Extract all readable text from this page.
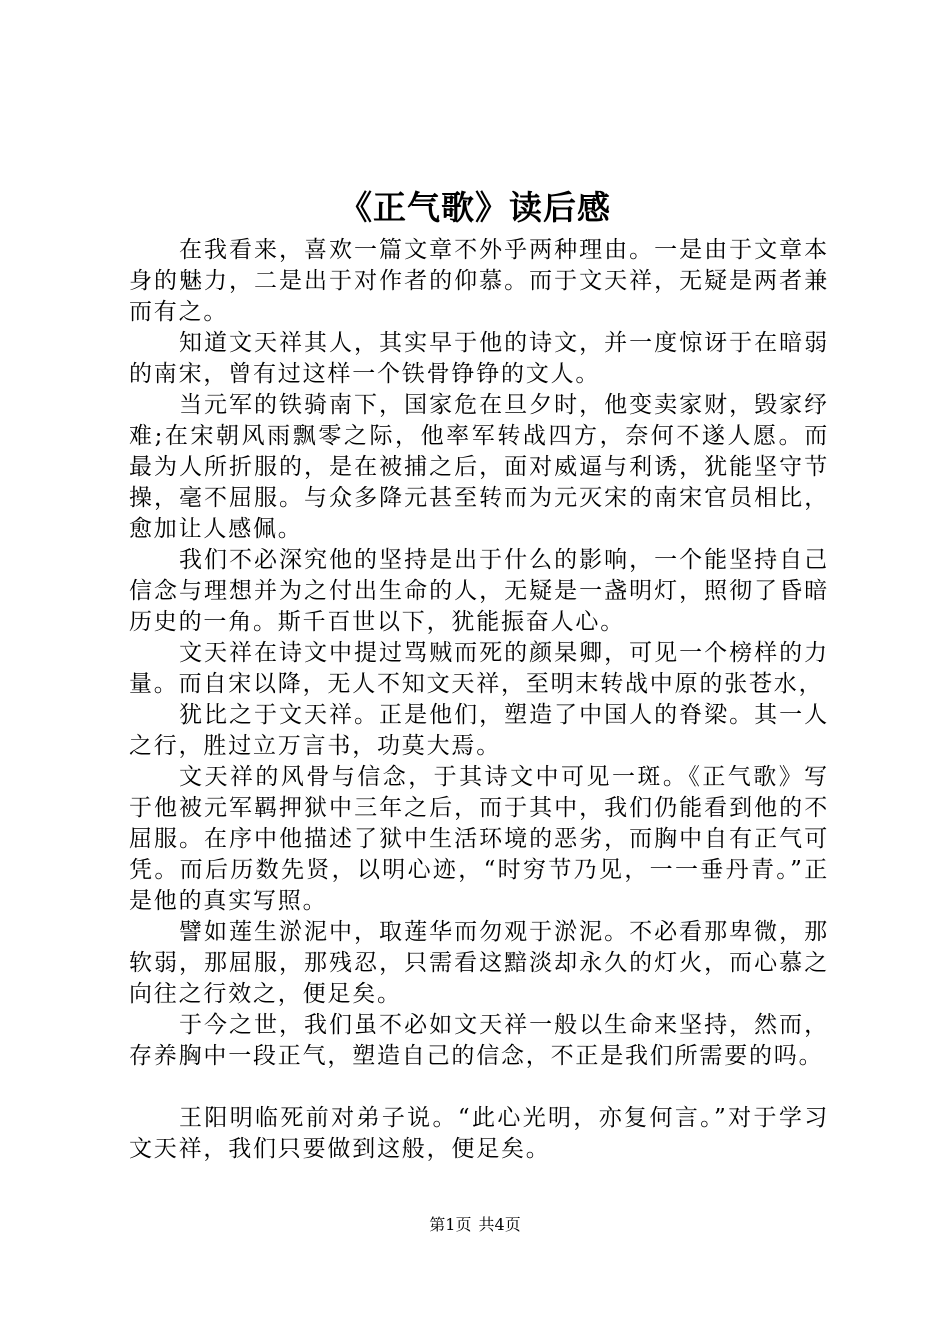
《正气歌》读后感

在我看来，喜欢一篇文章不外乎两种理由。一是由于文章本身的魅力，二是出于对作者的仰慕。而于文天祥，无疑是两者兼而有之。

知道文天祥其人，其实早于他的诗文，并一度惊讶于在暗弱的南宋，曾有过这样一个铁骨铮铮的文人。

当元军的铁骑南下，国家危在旦夕时，他变卖家财，毁家纾难;在宋朝风雨飘零之际，他率军转战四方，奈何不遂人愿。而最为人所折服的，是在被捕之后，面对威逼与利诱，犹能坚守节操，毫不屈服。与众多降元甚至转而为元灭宋的南宋官员相比，愈加让人感佩。

我们不必深究他的坚持是出于什么的影响，一个能坚持自己信念与理想并为之付出生命的人，无疑是一盏明灯，照彻了昏暗历史的一角。斯千百世以下，犹能振奋人心。

文天祥在诗文中提过骂贼而死的颜杲卿，可见一个榜样的力量。而自宋以降，无人不知文天祥，至明末转战中原的张苍水，

犹比之于文天祥。正是他们，塑造了中国人的脊梁。其一人之行，胜过立万言书，功莫大焉。

文天祥的风骨与信念，于其诗文中可见一斑。《正气歌》写于他被元军羁押狱中三年之后，而于其中，我们仍能看到他的不屈服。在序中他描述了狱中生活环境的恶劣，而胸中自有正气可凭。而后历数先贤，以明心迹，“时穷节乃见，一一垂丹青。”正是他的真实写照。

譬如莲生淤泥中，取莲华而勿观于淤泥。不必看那卑微，那软弱，那屈服，那残忍，只需看这黯淡却永久的灯火，而心慕之向往之行效之，便足矣。

于今之世，我们虽不必如文天祥一般以生命来坚持，然而，存养胸中一段正气，塑造自己的信念，不正是我们所需要的吗。

王阳明临死前对弟子说。“此心光明，亦复何言。”对于学习文天祥，我们只要做到这般，便足矣。

第1页 共4页
